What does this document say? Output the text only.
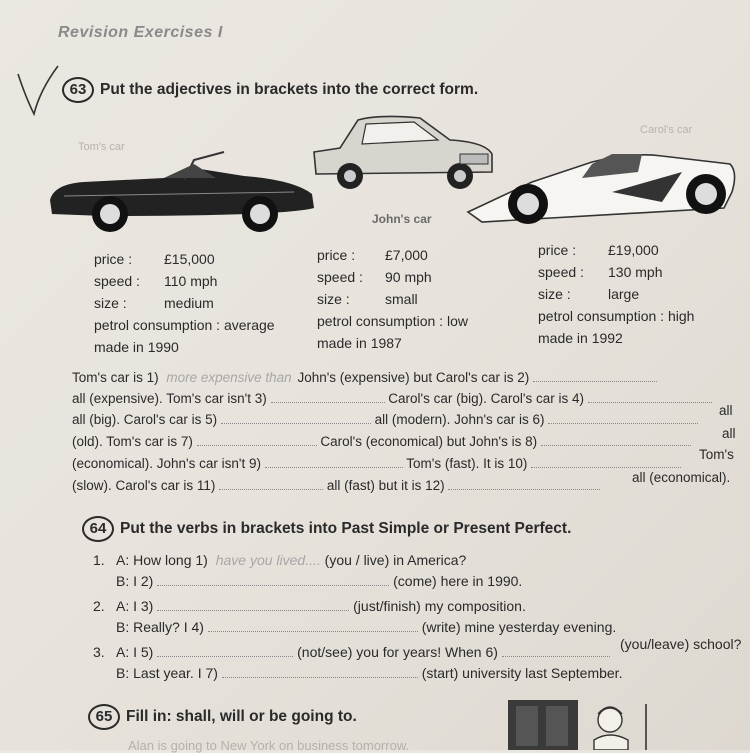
Revision Exercises I
63 Put the adjectives in brackets into the correct form.
Tom's car
John's car
Carol's car
price : £15,000
speed : 110 mph
size :	medium
petrol consumption : average
made in 1990
price : £7,000
speed : 90 mph
size :	small
petrol consumption : low
made in 1987
price : £19,000
speed : 130 mph
size :	large
petrol consumption : high
made in 1992
Tom's car is 1) more expensive than John's (expensive) but Carol's car is 2)
all (expensive). Tom's car isn't 3)	Carol's car (big). Carol's car is 4)
all (big). Carol's car is 5)	all (modern). John's car is 6)
all
(old). Tom's car is 7)	Carol's (economical) but John's is 8)
all
(economical). John's car isn't 9)	Tom's (fast). It is 10)
Tom's
(slow). Carol's car is 11)	all (fast) but it is 12)
all (economical).
64 Put the verbs in brackets into Past Simple or Present Perfect.
1. A: How long 1) have you lived.... (you / live) in America?
B: I 2)	(come) here in 1990.
2. A: I 3)	(just/finish) my composition.
B: Really? I 4)	(write) mine yesterday evening.
3. A: I 5)	(not/see) you for years! When 6)	(you/leave) school?
B: Last year. I 7)	(start) university last September.
65 Fill in: shall, will or be going to.
Alan is going to New York on business tomorrow.
